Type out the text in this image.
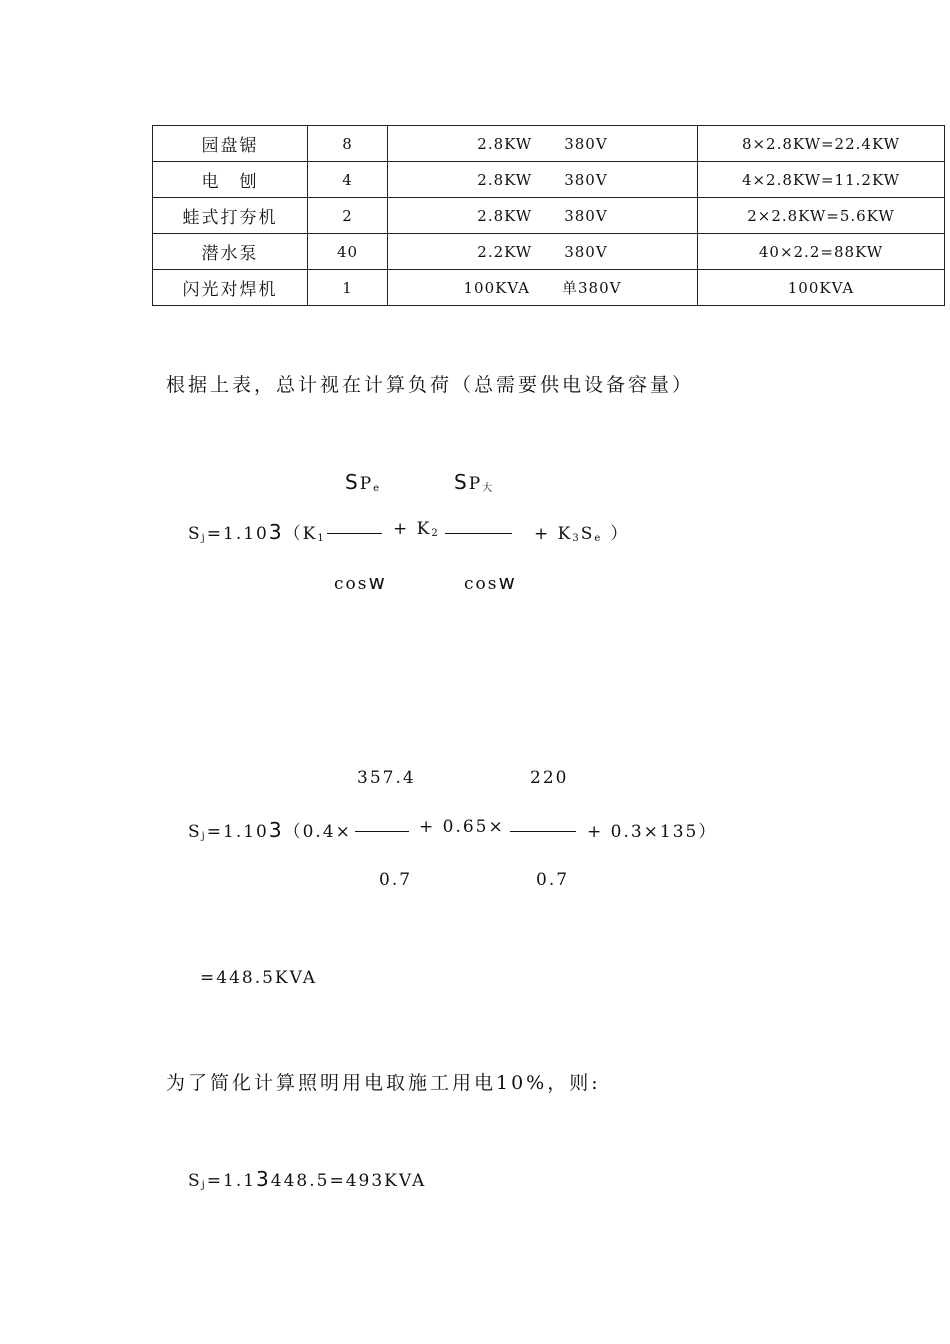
园盘锯	8	2.8KW　　380V	8×2.8KW=22.4KW
电　刨	4	2.8KW　　380V	4×2.8KW=11.2KW
蛙式打夯机	2	2.8KW　　380V	2×2.8KW=5.6KW
潜水泵	40	2.2KW　　380V	40×2.2=88KW
闪光对焊机	1	100KVA　　单380V	100KVA
根据上表，总计视在计算负荷（总需要供电设备容量）
$SP_e$	$SP_大$
$S_j=1.103(K_1$	+ $K_2$	+ $K_3S_e$ ）
cosw	cosw
357.4	220
$S_j=1.103(0.4\times$	+ 0.65×	+ 0.3×135）
0.7	0.7
=448.5KVA
为了简化计算照明用电取施工用电10%，则:
$S_j=1.13448.5=493KVA$
